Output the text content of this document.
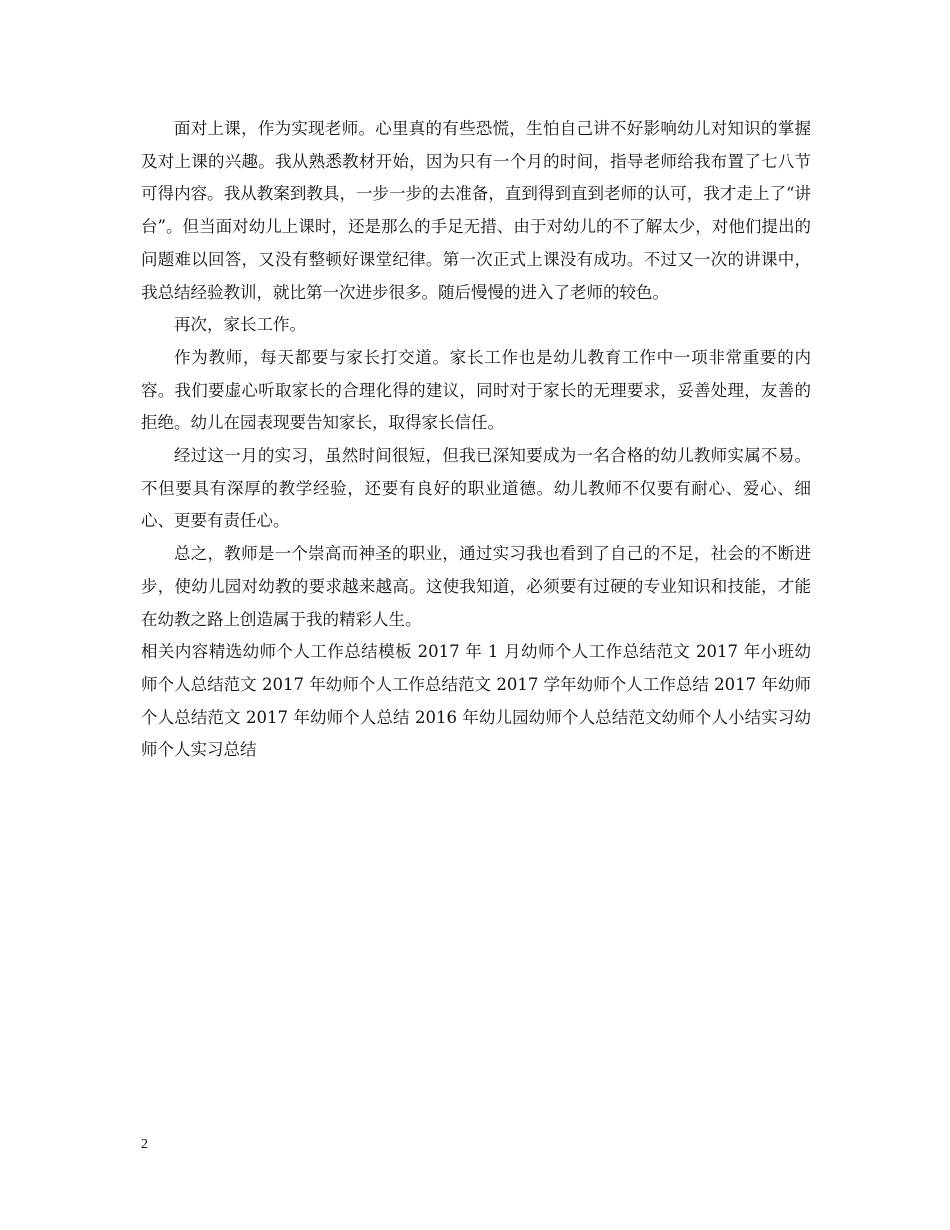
面对上课，作为实现老师。心里真的有些恐慌，生怕自己讲不好影响幼儿对知识的掌握及对上课的兴趣。我从熟悉教材开始，因为只有一个月的时间，指导老师给我布置了七八节可得内容。我从教案到教具，一步一步的去准备，直到得到直到老师的认可，我才走上了“讲台”。但当面对幼儿上课时，还是那么的手足无措、由于对幼儿的不了解太少，对他们提出的问题难以回答，又没有整顿好课堂纪律。第一次正式上课没有成功。不过又一次的讲课中，我总结经验教训，就比第一次进步很多。随后慢慢的进入了老师的较色。

再次，家长工作。

作为教师，每天都要与家长打交道。家长工作也是幼儿教育工作中一项非常重要的内容。我们要虚心听取家长的合理化得的建议，同时对于家长的无理要求，妥善处理，友善的拒绝。幼儿在园表现要告知家长，取得家长信任。

经过这一月的实习，虽然时间很短，但我已深知要成为一名合格的幼儿教师实属不易。不但要具有深厚的教学经验，还要有良好的职业道德。幼儿教师不仅要有耐心、爱心、细心、更要有责任心。

总之，教师是一个崇高而神圣的职业，通过实习我也看到了自己的不足，社会的不断进步，使幼儿园对幼教的要求越来越高。这使我知道，必须要有过硬的专业知识和技能，才能在幼教之路上创造属于我的精彩人生。

相关内容精选幼师个人工作总结模板 2017 年 1 月幼师个人工作总结范文 2017 年小班幼师个人总结范文 2017 年幼师个人工作总结范文 2017 学年幼师个人工作总结 2017 年幼师个人总结范文 2017 年幼师个人总结 2016 年幼儿园幼师个人总结范文幼师个人小结实习幼师个人实习总结

2
